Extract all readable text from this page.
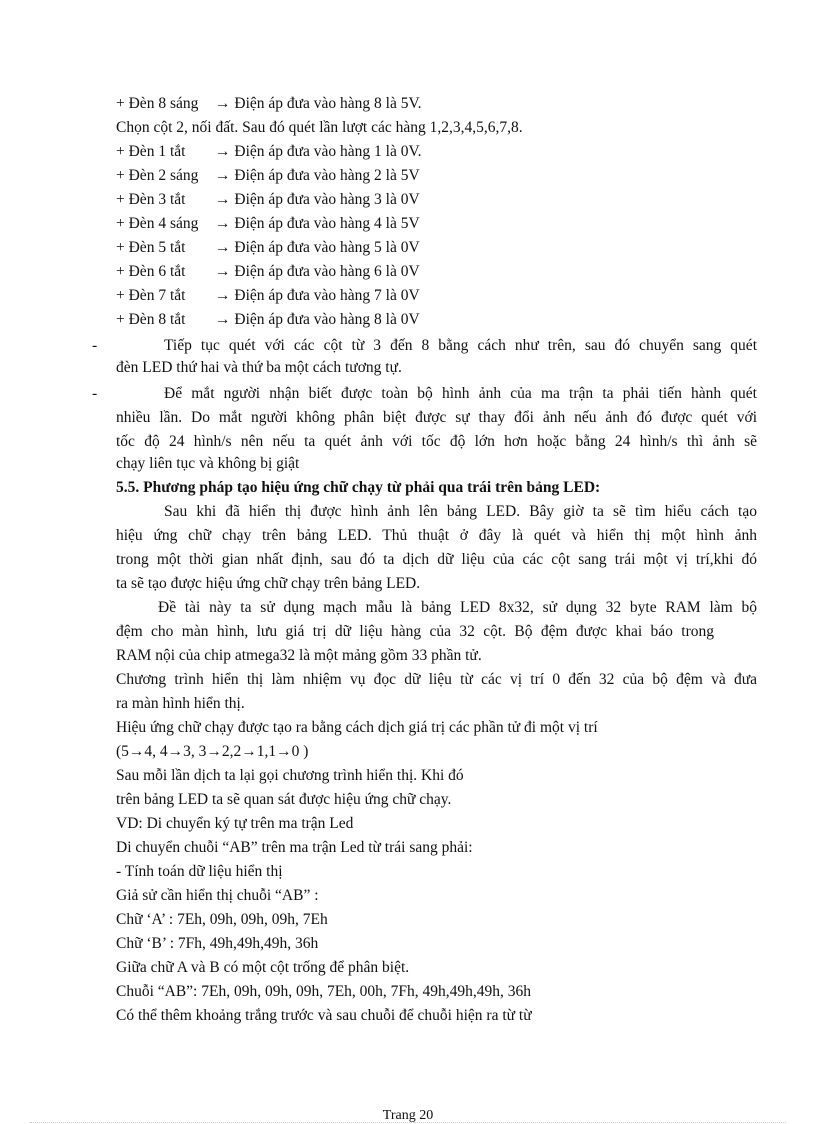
+ Đèn 8 sáng → Điện áp đưa vào hàng 8 là 5V.
Chọn cột 2, nối đất. Sau đó quét lần lượt các hàng 1,2,3,4,5,6,7,8.
+ Đèn 1 tắt → Điện áp đưa vào hàng 1 là 0V.
+ Đèn 2 sáng → Điện áp đưa vào hàng 2 là 5V
+ Đèn 3 tắt → Điện áp đưa vào hàng 3 là 0V
+ Đèn 4 sáng → Điện áp đưa vào hàng 4 là 5V
+ Đèn 5 tắt → Điện áp đưa vào hàng 5 là 0V
+ Đèn 6 tắt → Điện áp đưa vào hàng 6 là 0V
+ Đèn 7 tắt → Điện áp đưa vào hàng 7 là 0V
+ Đèn 8 tắt → Điện áp đưa vào hàng 8 là 0V
-	Tiếp tục quét với các cột từ 3 đến 8 bằng cách như trên, sau đó chuyển sang quét
đèn LED thứ hai và thứ ba một cách tương tự.
-	Để mắt người nhận biết được toàn bộ hình ảnh của ma trận ta phải tiến hành quét
nhiều lần. Do mắt người không phân biệt được sự thay đổi ảnh nếu ảnh đó được quét với
tốc độ 24 hình/s nên nếu ta quét ảnh với tốc độ lớn hơn hoặc bằng 24 hình/s thì ảnh sẽ
chạy liên tục và không bị giật
5.5. Phương pháp tạo hiệu ứng chữ chạy từ phải qua trái trên bảng LED:
Sau khi đã hiển thị được hình ảnh lên bảng LED. Bây giờ ta sẽ tìm hiểu cách tạo
hiệu ứng chữ chạy trên bảng LED. Thủ thuật ở đây là quét và hiển thị một hình ảnh
trong một thời gian nhất định, sau đó ta dịch dữ liệu của các cột sang trái một vị trí,khi đó
ta sẽ tạo được hiệu ứng chữ chạy trên bảng LED.
Đề tài này ta sử dụng mạch mẫu là bảng LED 8x32, sử dụng 32 byte RAM làm bộ
đệm cho màn hình, lưu giá trị dữ liệu hàng của 32 cột. Bộ đệm được khai báo trong
RAM nội của chip atmega32 là một mảng gồm 33 phần tử.
Chương trình hiển thị làm nhiệm vụ đọc dữ liệu từ các vị trí 0 đến 32 của bộ đệm và đưa
ra màn hình hiển thị.
Hiệu ứng chữ chạy được tạo ra bằng cách dịch giá trị các phần tử đi một vị trí
(5→4, 4→3, 3→2,2→1,1→0 )
Sau mỗi lần dịch ta lại gọi chương trình hiển thị. Khi đó
trên bảng LED ta sẽ quan sát được hiệu ứng chữ chạy.
VD: Di chuyển ký tự trên ma trận Led
Di chuyển chuỗi “AB” trên ma trận Led từ trái sang phải:
- Tính toán dữ liệu hiển thị
Giả sử cần hiển thị chuỗi “AB” :
Chữ ‘A’ : 7Eh, 09h, 09h, 09h, 7Eh
Chữ ‘B’ : 7Fh, 49h,49h,49h, 36h
Giữa chữ A và B có một cột trống để phân biệt.
Chuỗi “AB”: 7Eh, 09h, 09h, 09h, 7Eh, 00h, 7Fh, 49h,49h,49h, 36h
Có thể thêm khoảng trắng trước và sau chuỗi để chuỗi hiện ra từ từ
Trang 20
